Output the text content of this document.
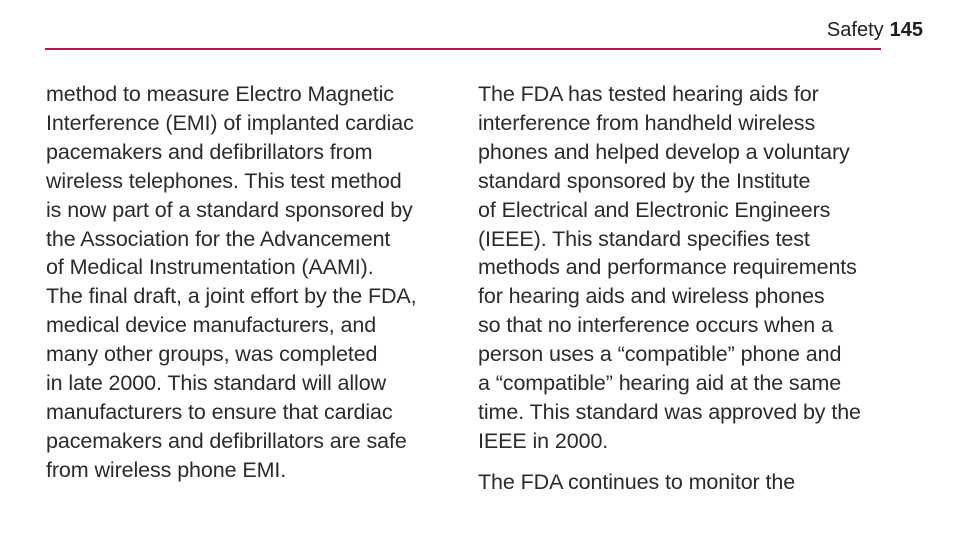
Safety 145

method to measure Electro Magnetic
Interference (EMI) of implanted cardiac
pacemakers and defibrillators from
wireless telephones. This test method
is now part of a standard sponsored by
the Association for the Advancement
of Medical Instrumentation (AAMI).
The final draft, a joint effort by the FDA,
medical device manufacturers, and
many other groups, was completed
in late 2000. This standard will allow
manufacturers to ensure that cardiac
pacemakers and defibrillators are safe
from wireless phone EMI.

The FDA has tested hearing aids for
interference from handheld wireless
phones and helped develop a voluntary
standard sponsored by the Institute
of Electrical and Electronic Engineers
(IEEE). This standard specifies test
methods and performance requirements
for hearing aids and wireless phones
so that no interference occurs when a
person uses a “compatible” phone and
a “compatible” hearing aid at the same
time. This standard was approved by the
IEEE in 2000.

The FDA continues to monitor the
